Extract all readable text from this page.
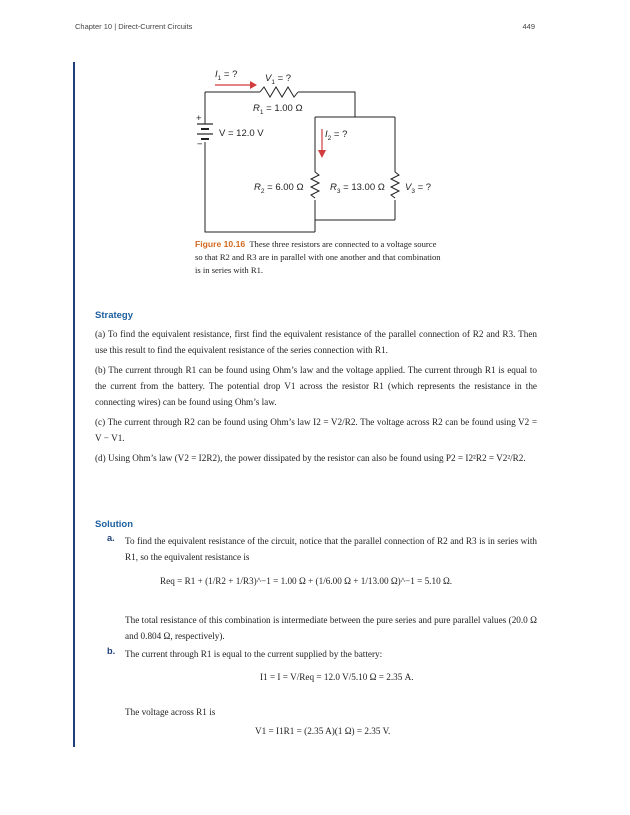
Chapter 10 | Direct-Current Circuits	449
+
−
$I_1$ = ?	$V_1$ = ?
$R_1 = 1.00$ Ω
V = 12.0 V	$I_2$ = ?
$R_2 = 6.00$ Ω	$R_3 = 13.00$ Ω $V_3$ = ?
Figure 10.16 These three resistors are connected to a voltage source so that R2 and R3 are in parallel with one another and that combination is in series with R1.
Strategy

(a) To find the equivalent resistance, first find the equivalent resistance of the parallel connection of R2 and R3. Then use this result to find the equivalent resistance of the series connection with R1.

(b) The current through R1 can be found using Ohm’s law and the voltage applied. The current through R1 is equal to the current from the battery. The potential drop V1 across the resistor R1 (which represents the resistance in the connecting wires) can be found using Ohm’s law.

(c) The current through R2 can be found using Ohm’s law I2 = V2/R2. The voltage across R2 can be found using V2 = V − V1.

(d) Using Ohm’s law (V2 = I2R2), the power dissipated by the resistor can also be found using P2 = I2²R2 = V2²/R2.

Solution
a. To find the equivalent resistance of the circuit, notice that the parallel connection of R2 and R3 is in series with R1, so the equivalent resistance is
Req = R1 + (1/R2 + 1/R3)^−1 = 1.00 Ω + (1/6.00 Ω + 1/13.00 Ω)^−1 = 5.10 Ω.
The total resistance of this combination is intermediate between the pure series and pure parallel values (20.0 Ω and 0.804 Ω, respectively).
b. The current through R1 is equal to the current supplied by the battery:
I1 = I = V/Req = 12.0 V/5.10 Ω = 2.35 A.
The voltage across R1 is
V1 = I1R1 = (2.35 A)(1 Ω) = 2.35 V.
